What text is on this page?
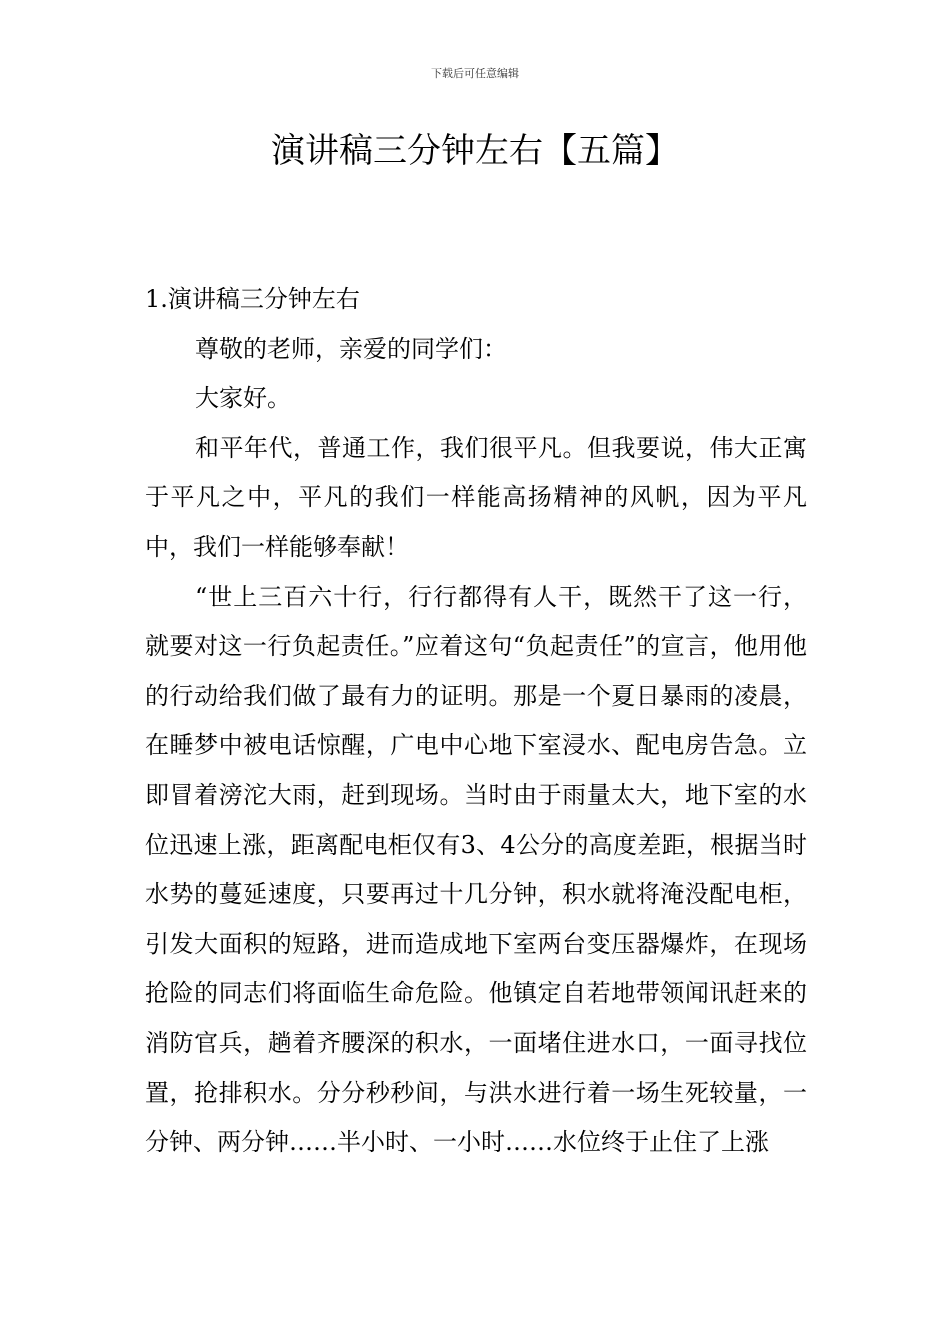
下载后可任意编辑
演讲稿三分钟左右【五篇】

1.演讲稿三分钟左右

尊敬的老师，亲爱的同学们：

大家好。

和平年代，普通工作，我们很平凡。但我要说，伟大正寓于平凡之中，平凡的我们一样能高扬精神的风帆，因为平凡中，我们一样能够奉献！

“世上三百六十行，行行都得有人干，既然干了这一行，就要对这一行负起责任。”应着这句“负起责任”的宣言，他用他的行动给我们做了最有力的证明。那是一个夏日暴雨的凌晨，在睡梦中被电话惊醒，广电中心地下室浸水、配电房告急。立即冒着滂沱大雨，赶到现场。当时由于雨量太大，地下室的水位迅速上涨，距离配电柜仅有3、4公分的高度差距，根据当时水势的蔓延速度，只要再过十几分钟，积水就将淹没配电柜，引发大面积的短路，进而造成地下室两台变压器爆炸，在现场抢险的同志们将面临生命危险。他镇定自若地带领闻讯赶来的消防官兵，趟着齐腰深的积水，一面堵住进水口，一面寻找位置，抢排积水。分分秒秒间，与洪水进行着一场生死较量，一分钟、两分钟……半小时、一小时……水位终于止住了上涨
